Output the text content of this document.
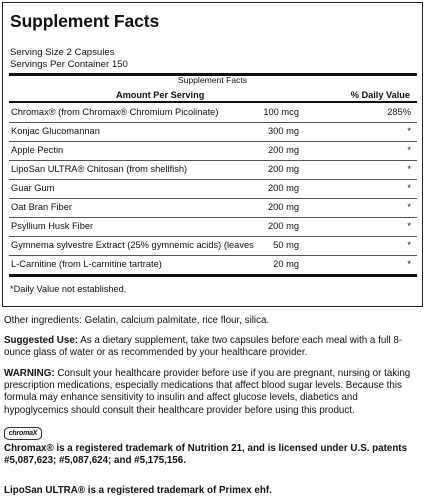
Supplement Facts
Serving Size 2 Capsules
Servings Per Container 150
Supplement Facts
Amount Per Serving	% Daily Value
Chromax® (from Chromax® Chromium Picolinate)	100 mcg	285%
Konjac Glucomannan	300 mg	*
Apple Pectin	200 mg	*
LipoSan ULTRA® Chitosan (from shellfish)	200 mg	*
Guar Gum	200 mg	*
Oat Bran Fiber	200 mg	*
Psyllium Husk Fiber	200 mg	*
Gymnema sylvestre Extract (25% gymnemic acids) (leaves 50 mg	*
L-Carnitine (from L-carnitine tartrate)	20 mg	*
*Daily Value not established.
Other ingredients: Gelatin, calcium palmitate, rice flour, silica.
Suggested Use: As a dietary supplement, take two capsules before each meal with a full 8-ounce glass of water or as recommended by your healthcare provider.
WARNING: Consult your healthcare provider before use if you are pregnant, nursing or taking prescription medications, especially medications that affect blood sugar levels. Because this formula may enhance sensitivity to insulin and affect glucose levels, diabetics and hypoglycemics should consult their healthcare provider before using this product.
chromaX
Chromax® is a registered trademark of Nutrition 21, and is licensed under U.S. patents #5,087,623; #5,087,624; and #5,175,156.
LipoSan ULTRA® is a registered trademark of Primex ehf.
